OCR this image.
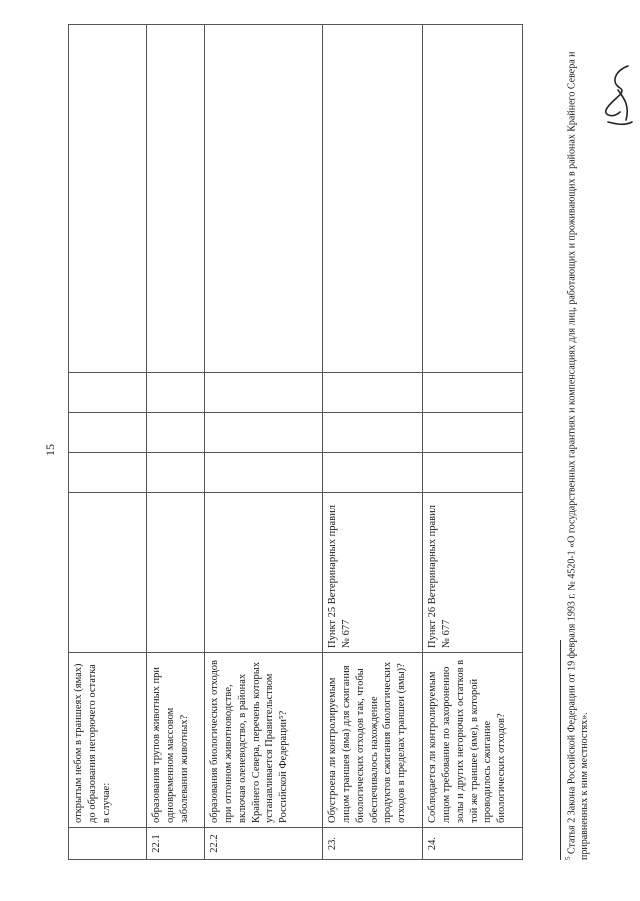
15
	открытым небом в траншеях (ямах) до образования негорючего остатка в случае:					
22.1	образования трупов животных при одновременном массовом заболевании животных?					
22.2	образования биологических отходов при отгонном животноводстве, включая оленеводство, в районах Крайнего Севера, перечень которых устанавливается Правительством Российской Федерации⁵?					
23.	Обустроена ли контролируемым лицом траншея (яма) для сжигания биологических отходов так, чтобы обеспечивалось нахождение продуктов сжигания биологических отходов в пределах траншеи (ямы)?	Пункт 25 Ветеринарных правил № 677				
24.	Соблюдается ли контролируемым лицом требование по захоронению золы и других негорючих остатков в той же траншее (яме), в которой проводилось сжигание биологических отходов?	Пункт 26 Ветеринарных правил № 677				
$^5$ Статья 2 Закона Российской Федерации от 19 февраля 1993 г. № 4520-1 «О государственных гарантиях и компенсациях для лиц, работающих и проживающих в районах Крайнего Севера и приравненных к ним местностях».
